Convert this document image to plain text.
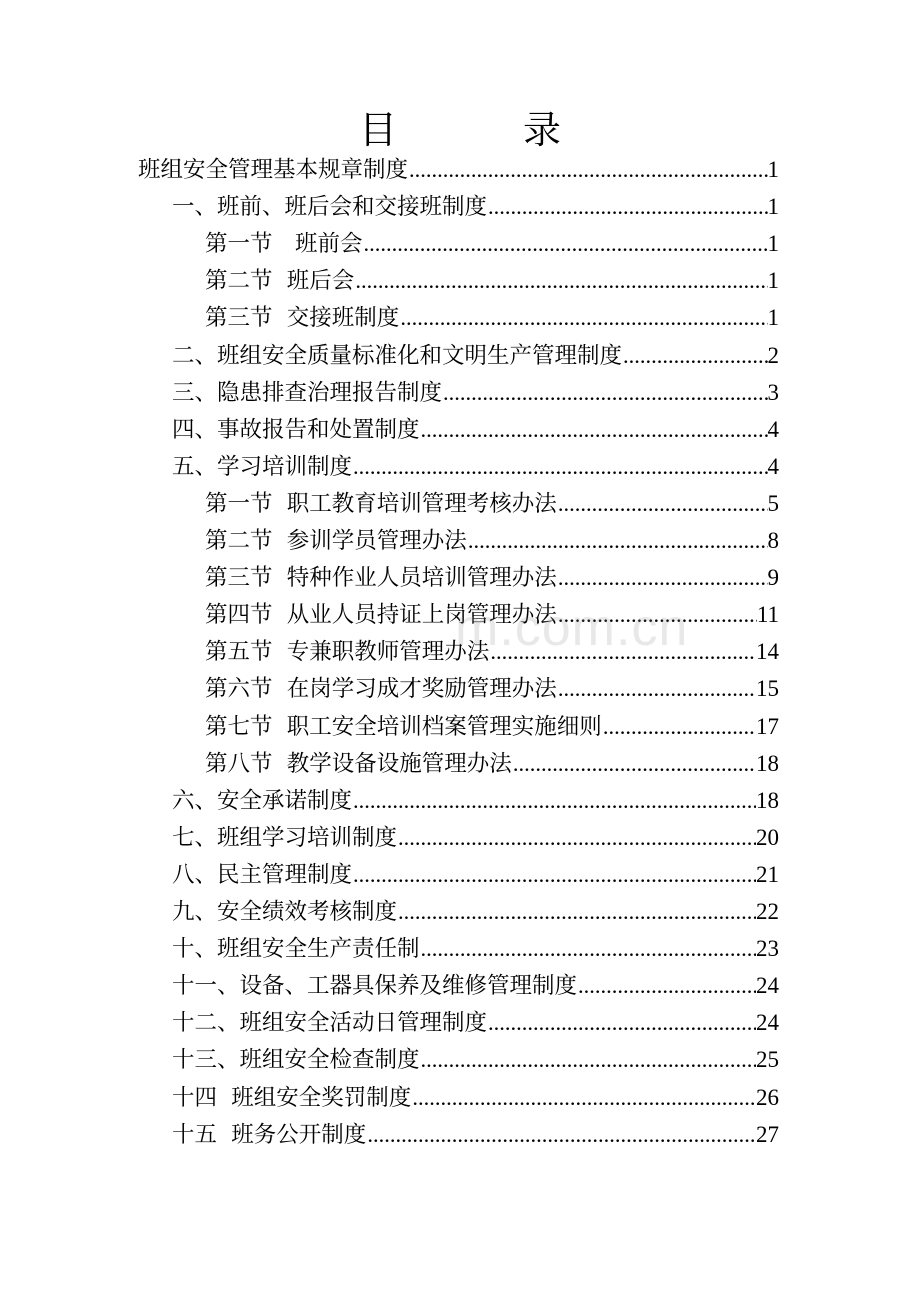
目　录
班组安全管理基本规章制度 .....	1
一、班前、班后会和交接班制度 .....	1
第一节　班前会 .....	1
第二节  班后会 .....	1
第三节  交接班制度 .....	1
二、班组安全质量标准化和文明生产管理制度 .....	2
三、隐患排查治理报告制度 .....	3
四、事故报告和处置制度 .....	4
五、学习培训制度 .....	4
第一节  职工教育培训管理考核办法 .....	5
第二节  参训学员管理办法 .....	8
第三节  特种作业人员培训管理办法 .....	9
第四节  从业人员持证上岗管理办法 .....	11
第五节  专兼职教师管理办法 .....	14
第六节  在岗学习成才奖励管理办法 .....	15
第七节  职工安全培训档案管理实施细则 .....	17
第八节  教学设备设施管理办法 .....	18
六、安全承诺制度 .....	18
七、班组学习培训制度 .....	20
八、民主管理制度 .....	21
九、安全绩效考核制度 .....	22
十、班组安全生产责任制 .....	23
十一、设备、工器具保养及维修管理制度 .....	24
十二、班组安全活动日管理制度 .....	24
十三、班组安全检查制度 .....	25
十四  班组安全奖罚制度 .....	26
十五  班务公开制度 .....	27
m.com.cn
